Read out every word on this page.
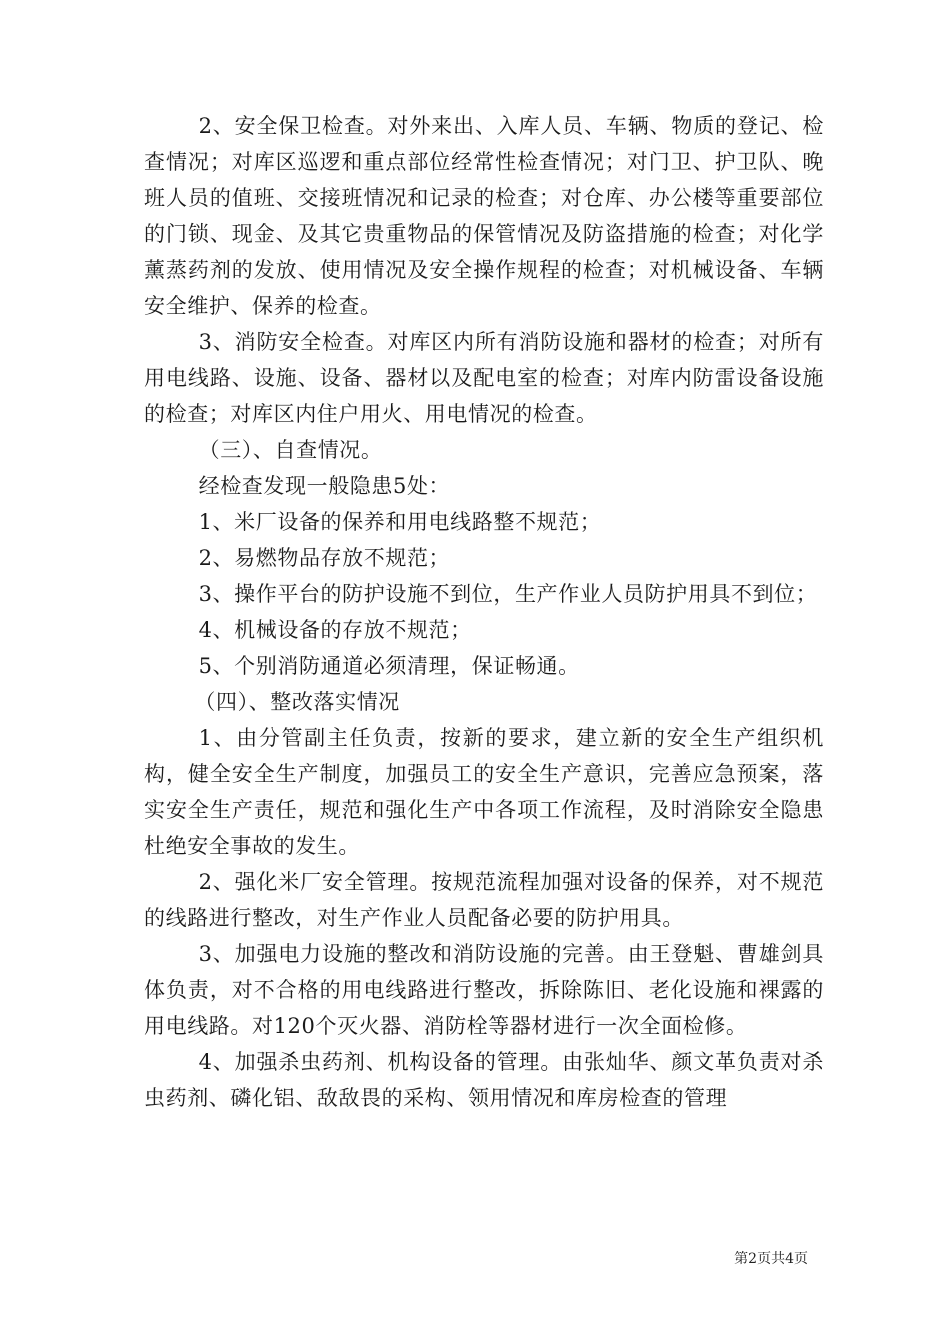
2、安全保卫检查。对外来出、入库人员、车辆、物质的登记、检查情况；对库区巡逻和重点部位经常性检查情况；对门卫、护卫队、晚班人员的值班、交接班情况和记录的检查；对仓库、办公楼等重要部位的门锁、现金、及其它贵重物品的保管情况及防盗措施的检查；对化学薰蒸药剂的发放、使用情况及安全操作规程的检查；对机械设备、车辆安全维护、保养的检查。

3、消防安全检查。对库区内所有消防设施和器材的检查；对所有用电线路、设施、设备、器材以及配电室的检查；对库内防雷设备设施的检查；对库区内住户用火、用电情况的检查。

（三）、自查情况。

经检查发现一般隐患5处：

1、米厂设备的保养和用电线路整不规范；

2、易燃物品存放不规范；

3、操作平台的防护设施不到位，生产作业人员防护用具不到位；

4、机械设备的存放不规范；

5、个别消防通道必须清理，保证畅通。

（四）、整改落实情况

1、由分管副主任负责，按新的要求，建立新的安全生产组织机构，健全安全生产制度，加强员工的安全生产意识，完善应急预案，落实安全生产责任，规范和强化生产中各项工作流程，及时消除安全隐患杜绝安全事故的发生。

2、强化米厂安全管理。按规范流程加强对设备的保养，对不规范的线路进行整改，对生产作业人员配备必要的防护用具。

3、加强电力设施的整改和消防设施的完善。由王登魁、曹雄剑具体负责，对不合格的用电线路进行整改，拆除陈旧、老化设施和裸露的用电线路。对120个灭火器、消防栓等器材进行一次全面检修。

4、加强杀虫药剂、机构设备的管理。由张灿华、颜文革负责对杀虫药剂、磷化铝、敌敌畏的采构、领用情况和库房检查的管理

第2页共4页
